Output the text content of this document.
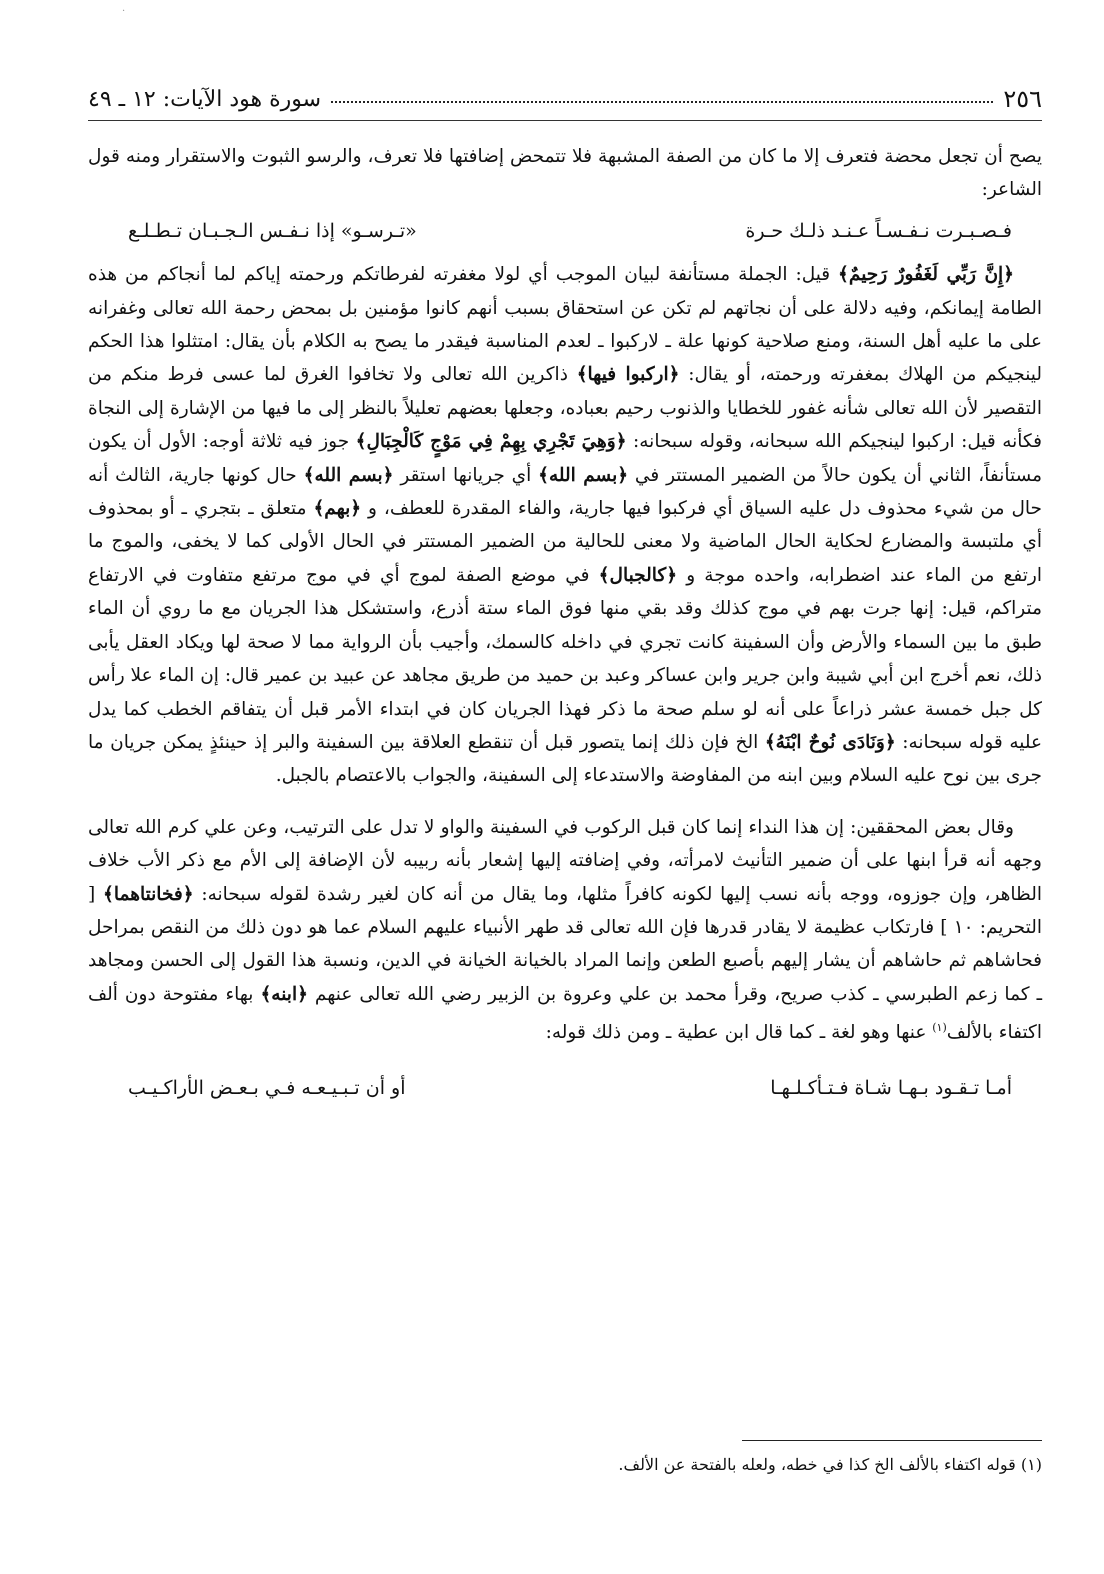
·
٢٥٦
سورة هود الآيات: ١٢ ـ ٤٩

يصح أن تجعل محضة فتعرف إلا ما كان من الصفة المشبهة فلا تتمحض إضافتها فلا تعرف، والرسو الثبوت والاستقرار ومنه قول الشاعر:

فـصـبـرت نـفـسـاً عـنـد ذلـك حـرة
«تـرسـو» إذا نـفـس الـجـبـان تـطـلـع

﴿إِنَّ رَبِّي لَغَفُورٌ رَحِيمٌ﴾ قيل: الجملة مستأنفة لبيان الموجب أي لولا مغفرته لفرطاتكم ورحمته إياكم لما أنجاكم من هذه الطامة إيمانكم، وفيه دلالة على أن نجاتهم لم تكن عن استحقاق بسبب أنهم كانوا مؤمنين بل بمحض رحمة الله تعالى وغفرانه على ما عليه أهل السنة، ومنع صلاحية كونها علة ـ لاركبوا ـ لعدم المناسبة فيقدر ما يصح به الكلام بأن يقال: امتثلوا هذا الحكم لينجيكم من الهلاك بمغفرته ورحمته، أو يقال: ﴿اركبوا فيها﴾ ذاكرين الله تعالى ولا تخافوا الغرق لما عسى فرط منكم من التقصير لأن الله تعالى شأنه غفور للخطايا والذنوب رحيم بعباده، وجعلها بعضهم تعليلاً بالنظر إلى ما فيها من الإشارة إلى النجاة فكأنه قيل: اركبوا لينجيكم الله سبحانه، وقوله سبحانه: ﴿وَهِيَ تَجْرِي بِهِمْ فِي مَوْجٍ كَالْجِبَالِ﴾ جوز فيه ثلاثة أوجه: الأول أن يكون مستأنفاً، الثاني أن يكون حالاً من الضمير المستتر في ﴿بسم الله﴾ أي جريانها استقر ﴿بسم الله﴾ حال كونها جارية، الثالث أنه حال من شيء محذوف دل عليه السياق أي فركبوا فيها جارية، والفاء المقدرة للعطف، و ﴿بهم﴾ متعلق ـ بتجري ـ أو بمحذوف أي ملتبسة والمضارع لحكاية الحال الماضية ولا معنى للحالية من الضمير المستتر في الحال الأولى كما لا يخفى، والموج ما ارتفع من الماء عند اضطرابه، واحده موجة و ﴿كالجبال﴾ في موضع الصفة لموج أي في موج مرتفع متفاوت في الارتفاع متراكم، قيل: إنها جرت بهم في موج كذلك وقد بقي منها فوق الماء ستة أذرع، واستشكل هذا الجريان مع ما روي أن الماء طبق ما بين السماء والأرض وأن السفينة كانت تجري في داخله كالسمك، وأجيب بأن الرواية مما لا صحة لها ويكاد العقل يأبى ذلك، نعم أخرج ابن أبي شيبة وابن جرير وابن عساكر وعبد بن حميد من طريق مجاهد عن عبيد بن عمير قال: إن الماء علا رأس كل جبل خمسة عشر ذراعاً على أنه لو سلم صحة ما ذكر فهذا الجريان كان في ابتداء الأمر قبل أن يتفاقم الخطب كما يدل عليه قوله سبحانه: ﴿وَنَادَى نُوحٌ ابْنَهُ﴾ الخ فإن ذلك إنما يتصور قبل أن تنقطع العلاقة بين السفينة والبر إذ حينئذٍ يمكن جريان ما جرى بين نوح عليه السلام وبين ابنه من المفاوضة والاستدعاء إلى السفينة، والجواب بالاعتصام بالجبل.

وقال بعض المحققين: إن هذا النداء إنما كان قبل الركوب في السفينة والواو لا تدل على الترتيب، وعن علي كرم الله تعالى وجهه أنه قرأ ابنها على أن ضمير التأنيث لامرأته، وفي إضافته إليها إشعار بأنه ربيبه لأن الإضافة إلى الأم مع ذكر الأب خلاف الظاهر، وإن جوزوه، ووجه بأنه نسب إليها لكونه كافراً مثلها، وما يقال من أنه كان لغير رشدة لقوله سبحانه: ﴿فخانتاهما﴾ [ التحريم: ١٠ ] فارتكاب عظيمة لا يقادر قدرها فإن الله تعالى قد طهر الأنبياء عليهم السلام عما هو دون ذلك من النقص بمراحل فحاشاهم ثم حاشاهم أن يشار إليهم بأصبع الطعن وإنما المراد بالخيانة الخيانة في الدين، ونسبة هذا القول إلى الحسن ومجاهد ـ كما زعم الطبرسي ـ كذب صريح، وقرأ محمد بن علي وعروة بن الزبير رضي الله تعالى عنهم ﴿ابنه﴾ بهاء مفتوحة دون ألف اكتفاء بالألف$^{(١)}$ عنها وهو لغة ـ كما قال ابن عطية ـ ومن ذلك قوله:

أمـا تـقـود بـهـا شـاة فـتـأكـلـهـا
أو أن تـبـيـعـه فـي بـعـض الأراكـيـب
(١) قوله اكتفاء بالألف الخ كذا في خطه، ولعله بالفتحة عن الألف.
